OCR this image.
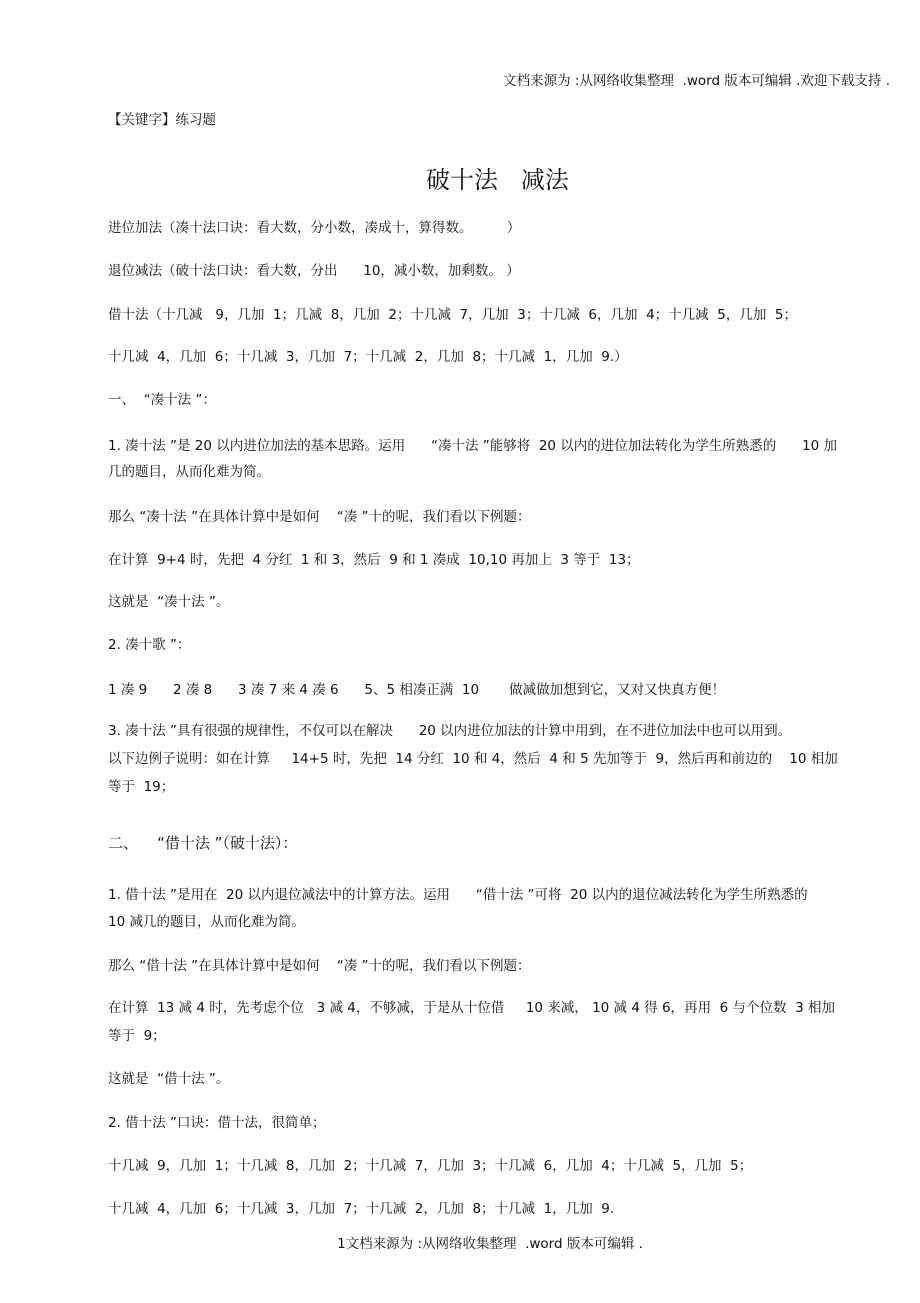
文档来源为 :从网络收集整理  .word 版本可编辑 .欢迎下载支持 .
【关键字】练习题
破十法   减法
进位加法（凑十法口诀：看大数，分小数，凑成十，算得数。        ）
退位减法（破十法口诀：看大数，分出      10，减小数，加剩数。 ）
借十法（十几减   9，几加  1；几减  8，几加  2；十几减  7，几加  3；十几减  6，几加  4；十几减  5，几加  5；
十几减  4，几加  6；十几减  3，几加  7；十几减  2，几加  8；十几减  1，几加  9.）
一、  “凑十法 ”：
1. 凑十法 ”是 20 以内进位加法的基本思路。运用      “凑十法 ”能够将  20 以内的进位加法转化为学生所熟悉的      10 加
几的题目，从而化难为简。
那么 “凑十法 ”在具体计算中是如何    “凑 ”十的呢，我们看以下例题：
在计算  9+4 时，先把  4 分红  1 和 3，然后  9 和 1 凑成  10,10 再加上  3 等于  13；
这就是  “凑十法 ”。
2. 凑十歌 ”：
1 凑 9      2 凑 8      3 凑 7 来 4 凑 6      5、5 相凑正满  10       做减做加想到它，又对又快真方便！
3. 凑十法 ”具有很强的规律性，不仅可以在解决      20 以内进位加法的计算中用到，在不进位加法中也可以用到。
以下边例子说明：如在计算     14+5 时，先把  14 分红  10 和 4，然后  4 和 5 先加等于  9，然后再和前边的    10 相加
等于  19；
二、    “借十法 ”（破十法）：
1. 借十法 ”是用在  20 以内退位减法中的计算方法。运用      “借十法 ”可将  20 以内的退位减法转化为学生所熟悉的
10 减几的题目，从而化难为简。
那么 “借十法 ”在具体计算中是如何    “凑 ”十的呢，我们看以下例题：
在计算  13 减 4 时，先考虑个位   3 减 4，不够减，于是从十位借     10 来减， 10 减 4 得 6，再用  6 与个位数  3 相加
等于  9；
这就是  “借十法 ”。
2. 借十法 ”口诀：借十法，很简单；
十几减  9，几加  1；十几减  8，几加  2；十几减  7，几加  3；十几减  6，几加  4；十几减  5，几加  5；
十几减  4，几加  6；十几减  3，几加  7；十几减  2，几加  8；十几减  1，几加  9.
1文档来源为 :从网络收集整理  .word 版本可编辑 .
